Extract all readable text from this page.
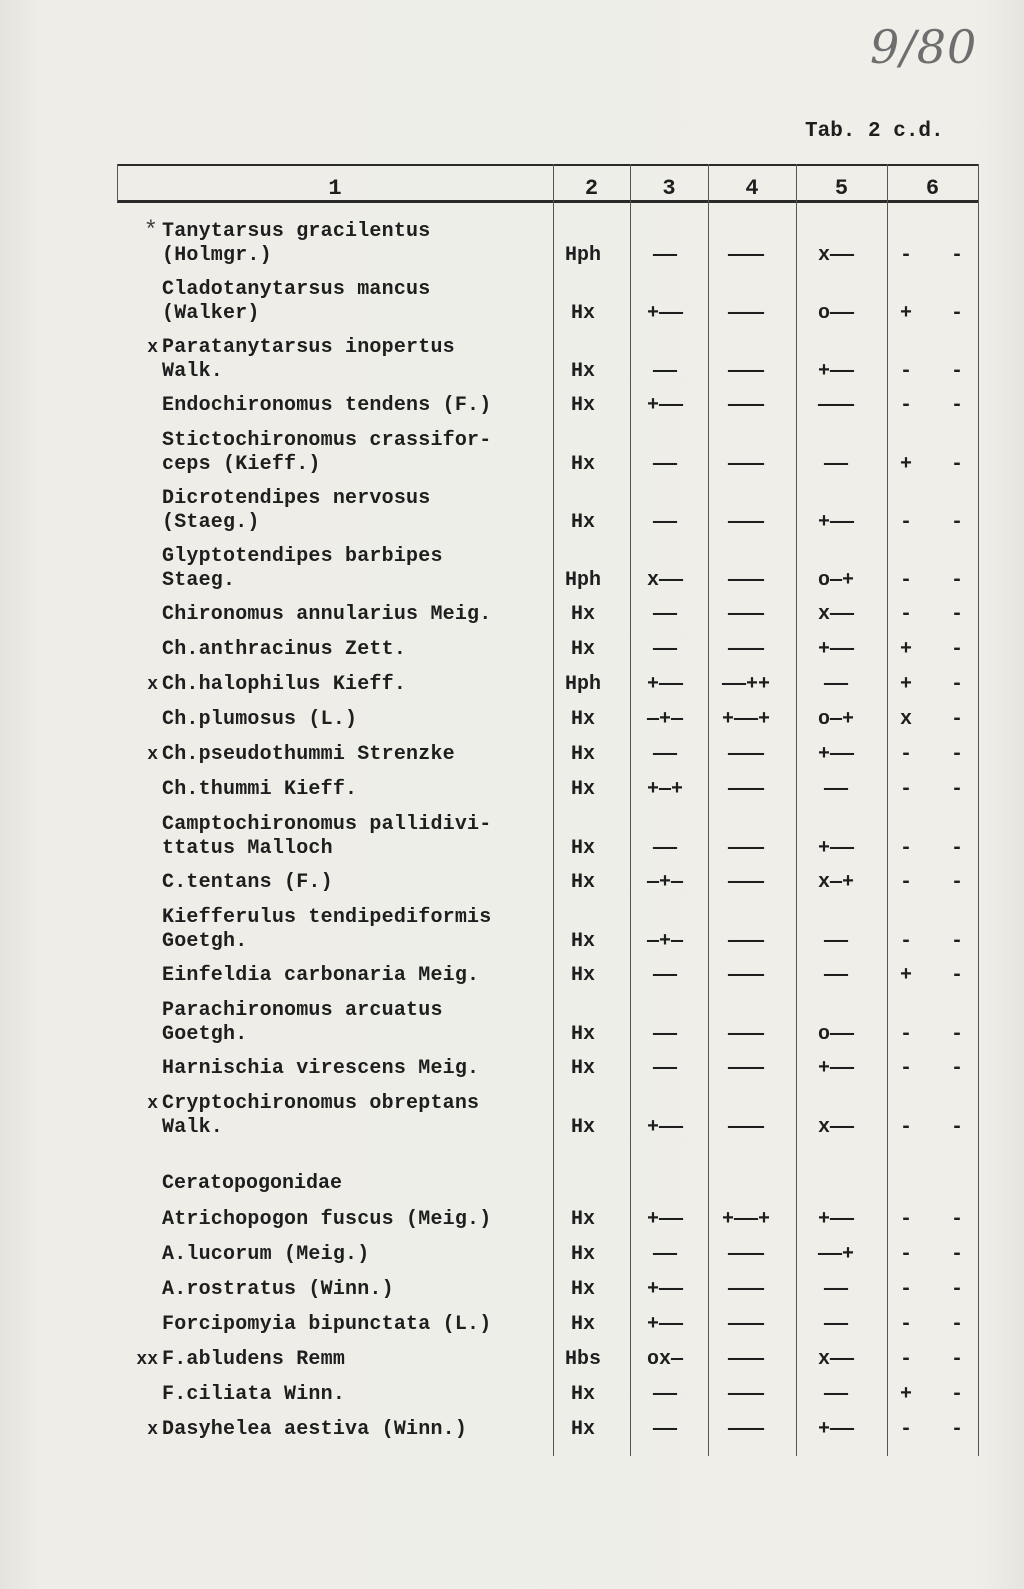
9/80
Tab. 2 c.d.
1	2	3	4	5	6
* Tanytarsus gracilentus
(Holmgr.)	Hph	——	———	x——	-	-
Cladotanytarsus mancus
(Walker)	Hx	+——	———	o——	+	-
x Paratanytarsus inopertus
Walk.	Hx	——	———	+——	-	-
Endochironomus tendens (F.)	Hx	+——	———	———	-	-
Stictochironomus crassifor-
ceps (Kieff.)	Hx	——	———	——	+	-
Dicrotendipes nervosus
(Staeg.)	Hx	——	———	+——	-	-
Glyptotendipes barbipes
Staeg.	Hph	x——	———	o—+	-	-
Chironomus annularius Meig.	Hx	——	———	x——	-	-
Ch.anthracinus Zett.	Hx	——	———	+——	+	-
x Ch.halophilus Kieff.	Hph	+——	——++	——	+	-
Ch.plumosus (L.)	Hx	—+—	+——+	o—+	x	-
x Ch.pseudothummi Strenzke	Hx	——	———	+——	-	-
Ch.thummi Kieff.	Hx	+—+	———	——	-	-
Camptochironomus pallidivi-
ttatus Malloch	Hx	——	———	+——	-	-
C.tentans (F.)	Hx	—+—	———	x—+	-	-
Kiefferulus tendipediformis
Goetgh.	Hx	—+—	———	——	-	-
Einfeldia carbonaria Meig.	Hx	——	———	——	+	-
Parachironomus arcuatus
Goetgh.	Hx	——	———	o——	-	-
Harnischia virescens Meig.	Hx	——	———	+——	-	-
x Cryptochironomus obreptans
Walk.	Hx	+——	———	x——	-	-
Ceratopogonidae
Atrichopogon fuscus (Meig.)	Hx	+——	+——+	+——	-	-
A.lucorum (Meig.)	Hx	——	———	——+	-	-
A.rostratus (Winn.)	Hx	+——	———	——	-	-
Forcipomyia bipunctata (L.)	Hx	+——	———	——	-	-
xx F.abludens Remm	Hbs	ox—	———	x——	-	-
F.ciliata Winn.	Hx	——	———	——	+	-
x Dasyhelea aestiva (Winn.)	Hx	——	———	+——	-	-
